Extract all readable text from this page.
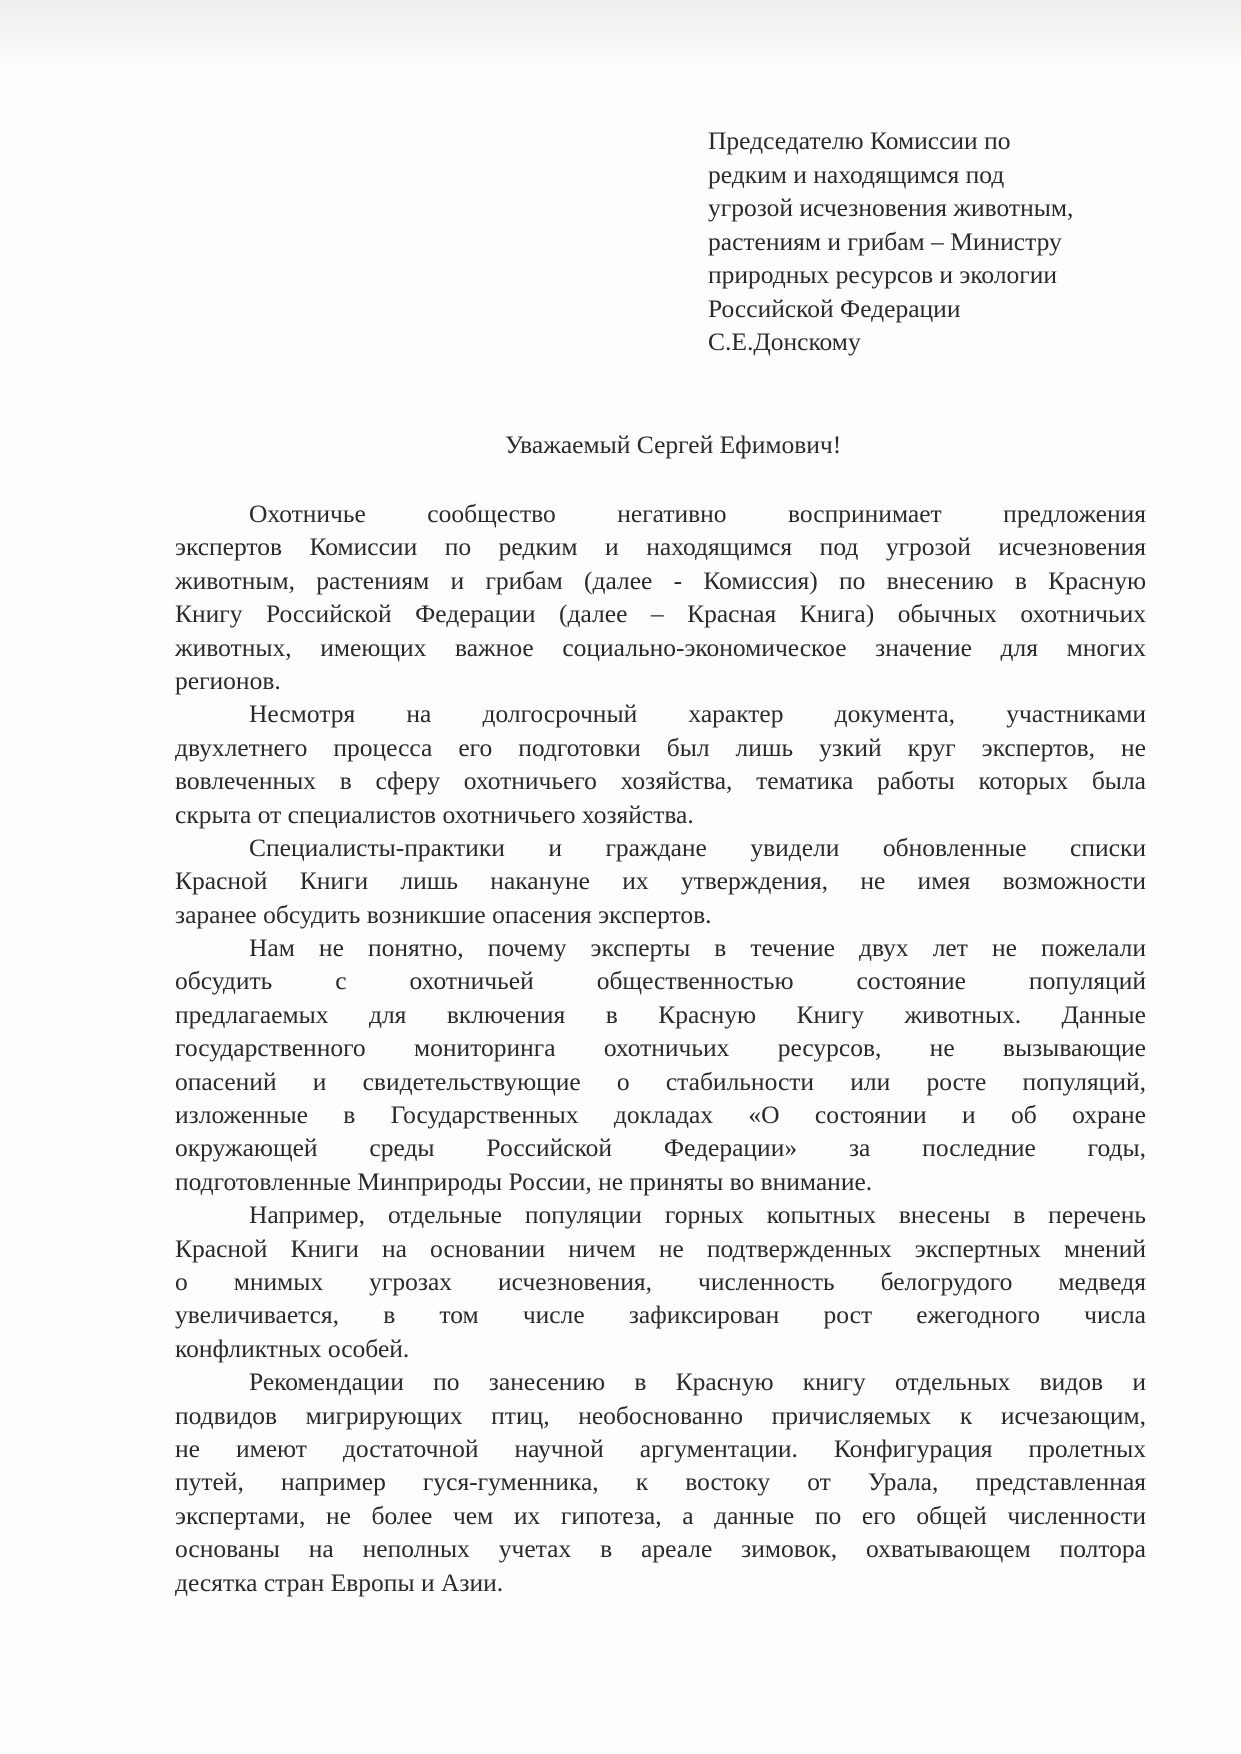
Председателю Комиссии по
редким и находящимся под
угрозой исчезновения животным,
растениям и грибам – Министру
природных ресурсов и экологии
Российской Федерации
С.Е.Донскому
Уважаемый Сергей Ефимович!
Охотничье сообщество негативно воспринимает предложения
экспертов Комиссии по редким и находящимся под угрозой исчезновения
животным, растениям и грибам (далее - Комиссия) по внесению в Красную
Книгу Российской Федерации (далее – Красная Книга) обычных охотничьих
животных, имеющих важное социально-экономическое значение для многих
регионов.
Несмотря на долгосрочный характер документа, участниками
двухлетнего процесса его подготовки был лишь узкий круг экспертов, не
вовлеченных в сферу охотничьего хозяйства, тематика работы которых была
скрыта от специалистов охотничьего хозяйства.
Специалисты-практики и граждане увидели обновленные списки
Красной Книги лишь накануне их утверждения, не имея возможности
заранее обсудить возникшие опасения экспертов.
Нам не понятно, почему эксперты в течение двух лет не пожелали
обсудить с охотничьей общественностью состояние популяций
предлагаемых для включения в Красную Книгу животных. Данные
государственного мониторинга охотничьих ресурсов, не вызывающие
опасений и свидетельствующие о стабильности или росте популяций,
изложенные в Государственных докладах «О состоянии и об охране
окружающей среды Российской Федерации» за последние годы,
подготовленные Минприроды России, не приняты во внимание.
Например, отдельные популяции горных копытных внесены в перечень
Красной Книги на основании ничем не подтвержденных экспертных мнений
о мнимых угрозах исчезновения, численность белогрудого медведя
увеличивается, в том числе зафиксирован рост ежегодного числа
конфликтных особей.
Рекомендации по занесению в Красную книгу отдельных видов и
подвидов мигрирующих птиц, необоснованно причисляемых к исчезающим,
не имеют достаточной научной аргументации. Конфигурация пролетных
путей, например гуся-гуменника, к востоку от Урала, представленная
экспертами, не более чем их гипотеза, а данные по его общей численности
основаны на неполных учетах в ареале зимовок, охватывающем полтора
десятка стран Европы и Азии.
